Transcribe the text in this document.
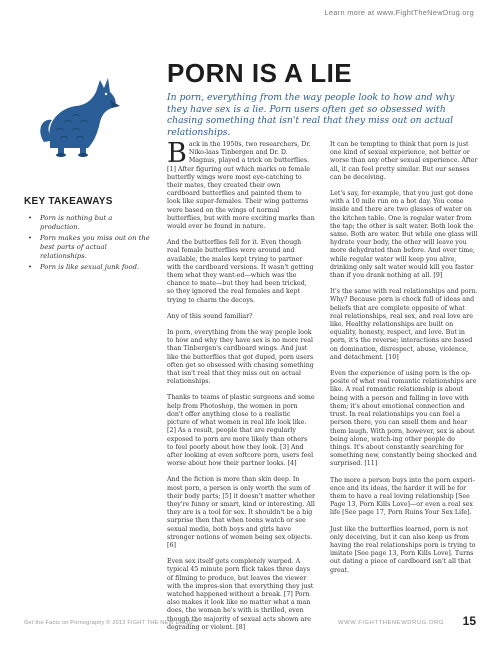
Learn more at www.FightTheNewDrug.org
KEY TAKEAWAYS
• Porn is nothing but a production.
• Porn makes you miss out on the best parts of actual relationships.
• Porn is like sexual junk food.
PORN IS A LIE

In porn, everything from the way people look to how and why they have sex is a lie. Porn users often get so obsessed with chasing something that isn't real that they miss out on actual relationships.

Back in the 1950s, two researchers, Dr. Niko-laas Tinbergen and Dr. D. Magnus, played a trick on butterflies. [1] After figuring out which marks on female butterfly wings were most eye-catching to their mates, they created their own cardboard butterflies and painted them to look like super-females. Their wing patterns were based on the wings of normal butterflies, but with more exciting marks than would ever be found in nature.

And the butterflies fell for it. Even though real female butterflies were around and available, the males kept trying to partner with the cardboard versions. It wasn't getting them what they want-ed—which was the chance to mate—but they had been tricked, so they ignored the real females and kept trying to charm the decoys.

Any of this sound familiar?

In porn, everything from the way people look to how and why they have sex is no more real than Tinbergen's cardboard wings. And just like the butterflies that got duped, porn users often get so obsessed with chasing something that isn't real that they miss out on actual relationships.

Thanks to teams of plastic surgeons and some help from Photoshop, the women in porn don't offer anything close to a realistic picture of what women in real life look like. [2] As a result, people that are regularly exposed to porn are more likely than others to feel poorly about how they look. [3] And after looking at even softcore porn, users feel worse about how their partner looks. [4]

And the fiction is more than skin deep. In most porn, a person is only worth the sum of their body parts; [5] it doesn't matter whether they're funny or smart, kind or interesting. All they are is a tool for sex. It shouldn't be a big surprise then that when teens watch or see sexual media, both boys and girls have stronger notions of women being sex objects. [6]

Even sex itself gets completely warped. A typical 45 minute porn flick takes three days of filming to produce, but leaves the viewer with the impres-sion that everything they just watched happened without a break. [7] Porn also makes it look like no matter what a man does, the woman he's with is thrilled, even though the majority of sexual acts shown are degrading or violent. [8]

It can be tempting to think that porn is just one kind of sexual experience, not better or worse than any other sexual experience. After all, it can feel pretty similar. But our senses can be deceiving.

Let's say, for example, that you just got done with a 10 mile run on a hot day. You come inside and there are two glasses of water on the kitchen table. One is regular water from the tap; the other is salt water. Both look the same. Both are water. But while one glass will hydrate your body, the other will leave you more dehydrated than before. And over time, while regular water will keep you alive, drinking only salt water would kill you faster than if you drank nothing at all. [9]

It's the same with real relationships and porn. Why? Because porn is chock full of ideas and beliefs that are complete opposite of what real relationships, real sex, and real love are like. Healthy relationships are built on equality, honesty, respect, and love. But in porn, it's the reverse; interactions are based on domination, disrespect, abuse, violence, and detachment. [10]

Even the experience of using porn is the op-posite of what real romantic relationships are like. A real romantic relationship is about being with a person and falling in love with them; it's about emotional connection and trust. In real relationships you can feel a person there, you can smell them and hear them laugh. With porn, however, sex is about being alone, watch-ing other people do things. It's about constantly searching for something new, constantly being shocked and surprised. [11]

The more a person buys into the porn experi-ence and its ideas, the harder it will be for them to have a real loving relationship [See Page 13, Porn Kills Love]—or even a real sex life [See page 17, Porn Ruins Your Sex Life].

Just like the butterflies learned, porn is not only deceiving, but it can also keep us from having the real relationships porn is trying to imitate [See page 13, Porn Kills Love]. Turns out dating a piece of cardboard isn't all that great.

Get the Facts on Pornography © 2013 FIGHT THE NEW DRUG™	WWW.FIGHTTHENEWDRUG.ORG 15
